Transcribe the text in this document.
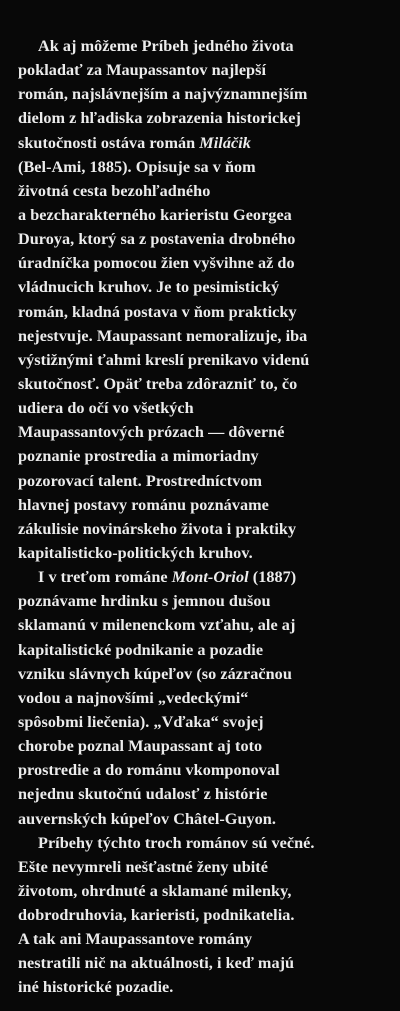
Ak aj môžeme Príbeh jedného života
pokladať za Maupassantov najlepší
román, najslávnejším a najvýznamnejším
dielom z hľadiska zobrazenia historickej
skutočnosti ostáva román Miláčik
(Bel-Ami, 1885). Opisuje sa v ňom
životná cesta bezohľadného
a bezcharakterného karieristu Georgea
Duroya, ktorý sa z postavenia drobného
úradníčka pomocou žien vyšvihne až do
vládnucich kruhov. Je to pesimistický
román, kladná postava v ňom prakticky
nejestvuje. Maupassant nemoralizuje, iba
výstižnými ťahmi kreslí prenikavo videnú
skutočnosť. Opäť treba zdôrazniť to, čo
udiera do očí vo všetkých
Maupassantových prózach — dôverné
poznanie prostredia a mimoriadny
pozorovací talent. Prostredníctvom
hlavnej postavy románu poznávame
zákulisie novinárskeho života i praktiky
kapitalisticko-politických kruhov.
I v treťom románe Mont-Oriol (1887)
poznávame hrdinku s jemnou dušou
sklamanú v milenenckom vzťahu, ale aj
kapitalistické podnikanie a pozadie
vzniku slávnych kúpeľov (so zázračnou
vodou a najnovšími „vedeckými“
spôsobmi liečenia). „Vďaka“ svojej
chorobe poznal Maupassant aj toto
prostredie a do románu vkomponoval
nejednu skutočnú udalosť z histórie
auvernských kúpeľov Châtel-Guyon.
Príbehy týchto troch románov sú večné.
Ešte nevymreli nešťastné ženy ubité
životom, ohrdnuté a sklamané milenky,
dobrodruhovia, karieristi, podnikatelia.
A tak ani Maupassantove romány
nestratili nič na aktuálnosti, i keď majú
iné historické pozadie.
